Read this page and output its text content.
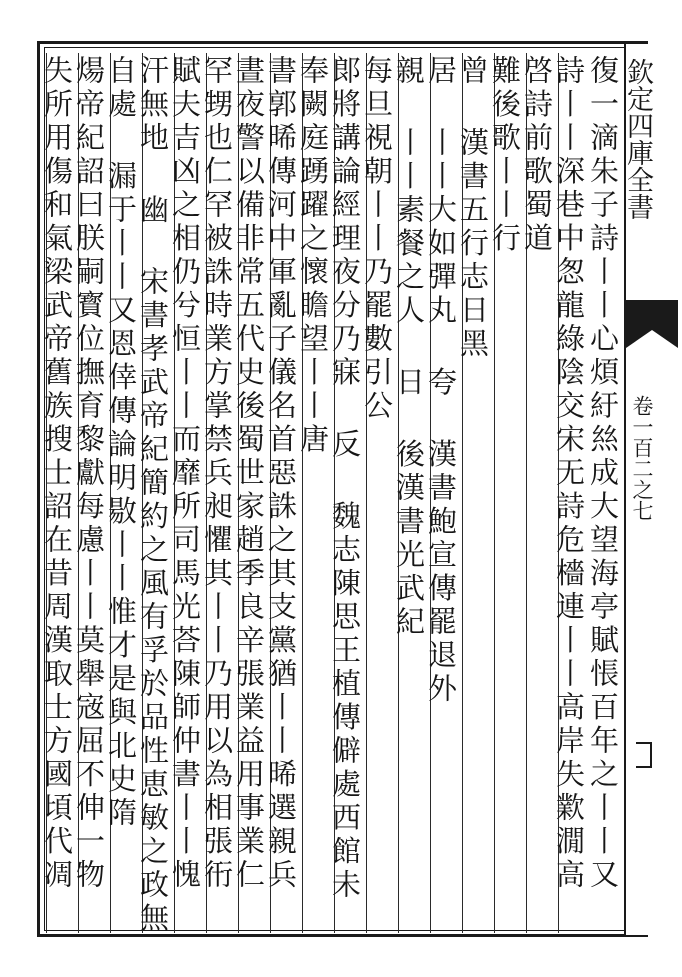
欽定四庫全書
卷一百二之七
復一滴朱子詩丨丨心煩紆𢇁成大望海亭賦悵百年之丨丨又
詩丨丨深巷中怱龍綠陰交宋无詩危檣連丨丨高岸失㱉㵎高
啓詩前歌蜀道
難後歌丨丨行
曾 漢書五行志日黑
居 丨丨大如彈丸 夸 漢書鮑宣傳罷退外
親 丨丨素餐之人 日 後漢書光武紀
每旦視朝丨丨乃罷數引公
郞將講論經理夜分乃寐 反 魏志陳思王植傳僻處西館未
奉闕庭踴躍之懷瞻望丨丨唐
書郭晞傳河中軍亂子儀名首惡誅之其支黨猶丨丨晞選親兵
晝夜警以備非常五代史後蜀世家趙季良辛張業益用事業仁
罕甥也仁罕被誅時業方掌禁兵昶懼其丨丨乃用以為相張衎
賦夫吉凶之相仍兮恒丨丨而靡所司馬光荅陳師仲書丨丨愧
汗無地 幽 宋書孝武帝紀簡約之風有孚於品性恵敏之政無
自處 漏于丨丨又恩倖傳論明敭丨丨惟才是與北史隋
煬帝紀詔曰朕嗣寳位撫育黎獻每慮丨丨莫舉宼屈不伸一物
失所用傷和氣梁武帝舊族搜士詔在昔周漢取士方國頃代凋
